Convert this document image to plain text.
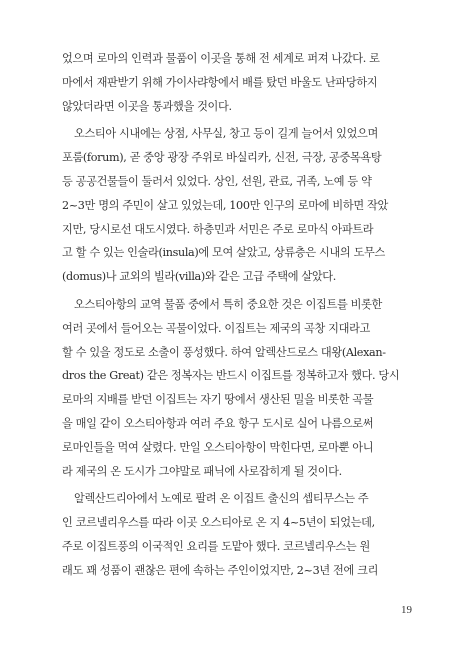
었으며 로마의 인력과 물품이 이곳을 통해 전 세계로 퍼져 나갔다. 로
마에서 재판받기 위해 가이사랴항에서 배를 탔던 바울도 난파당하지
않았더라면 이곳을 통과했을 것이다.
오스티아 시내에는 상점, 사무실, 창고 등이 길게 늘어서 있었으며
포룸(forum), 곧 중앙 광장 주위로 바실리카, 신전, 극장, 공중목욕탕
등 공공건물들이 둘러서 있었다. 상인, 선원, 관료, 귀족, 노예 등 약
2~3만 명의 주민이 살고 있었는데, 100만 인구의 로마에 비하면 작았
지만, 당시로선 대도시였다. 하층민과 서민은 주로 로마식 아파트라
고 할 수 있는 인술라(insula)에 모여 살았고, 상류층은 시내의 도무스
(domus)나 교외의 빌라(villa)와 같은 고급 주택에 살았다.
오스티아항의 교역 물품 중에서 특히 중요한 것은 이집트를 비롯한
여러 곳에서 들어오는 곡물이었다. 이집트는 제국의 곡창 지대라고
할 수 있을 정도로 소출이 풍성했다. 하여 알렉산드로스 대왕(Alexan-
dros the Great) 같은 정복자는 반드시 이집트를 정복하고자 했다. 당시
로마의 지배를 받던 이집트는 자기 땅에서 생산된 밀을 비롯한 곡물
을 매일 같이 오스티아항과 여러 주요 항구 도시로 실어 나름으로써
로마인들을 먹여 살렸다. 만일 오스티아항이 막힌다면, 로마뿐 아니
라 제국의 온 도시가 그야말로 패닉에 사로잡히게 될 것이다.
알렉산드리아에서 노예로 팔려 온 이집트 출신의 셉티무스는 주
인 코르넬리우스를 따라 이곳 오스티아로 온 지 4~5년이 되었는데,
주로 이집트풍의 이국적인 요리를 도맡아 했다. 코르넬리우스는 원
래도 꽤 성품이 괜찮은 편에 속하는 주인이었지만, 2~3년 전에 크리
19
